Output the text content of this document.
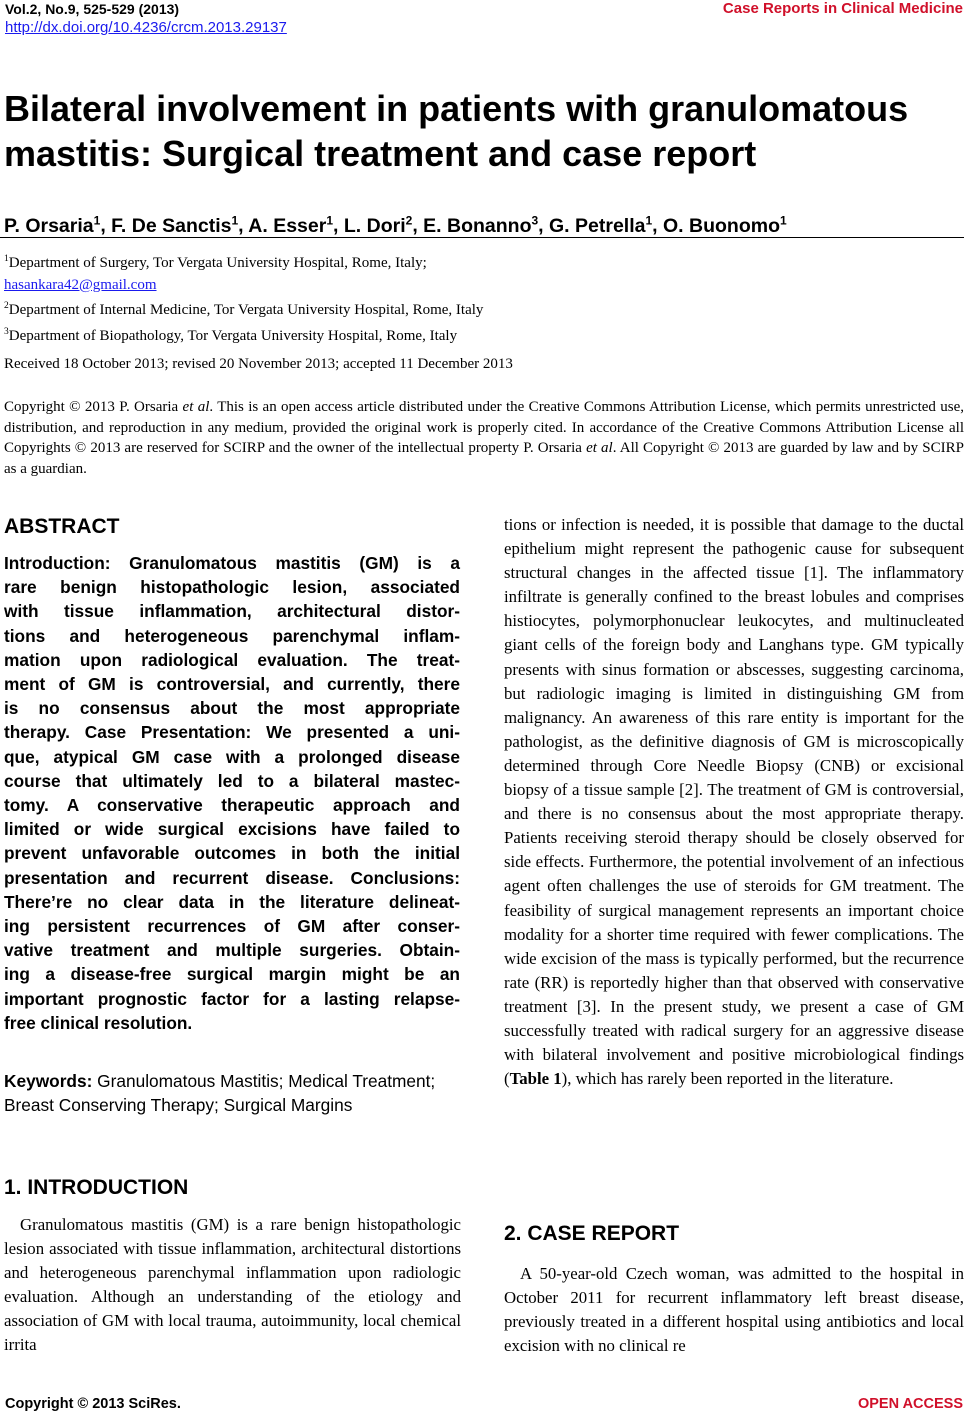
Vol.2, No.9, 525-529 (2013)
http://dx.doi.org/10.4236/crcm.2013.29137
Case Reports in Clinical Medicine
Bilateral involvement in patients with granulomatous mastitis: Surgical treatment and case report
P. Orsaria$^1$, F. De Sanctis$^1$, A. Esser$^1$, L. Dori$^2$, E. Bonanno$^3$, G. Petrella$^1$, O. Buonomo$^1$
$^1$Department of Surgery, Tor Vergata University Hospital, Rome, Italy;
hasankara42@gmail.com
$^2$Department of Internal Medicine, Tor Vergata University Hospital, Rome, Italy
$^3$Department of Biopathology, Tor Vergata University Hospital, Rome, Italy
Received 18 October 2013; revised 20 November 2013; accepted 11 December 2013
Copyright © 2013 P. Orsaria et al. This is an open access article distributed under the Creative Commons Attribution License, which permits unrestricted use, distribution, and reproduction in any medium, provided the original work is properly cited. In accordance of the Creative Commons Attribution License all Copyrights © 2013 are reserved for SCIRP and the owner of the intellectual property P. Orsaria et al. All Copyright © 2013 are guarded by law and by SCIRP as a guardian.
ABSTRACT
Introduction: Granulomatous mastitis (GM) is a
rare benign histopathologic lesion, associated
with tissue inflammation, architectural distor-
tions and heterogeneous parenchymal inflam-
mation upon radiological evaluation. The treat-
ment of GM is controversial, and currently, there
is no consensus about the most appropriate
therapy. Case Presentation: We presented a uni-
que, atypical GM case with a prolonged disease
course that ultimately led to a bilateral mastec-
tomy. A conservative therapeutic approach and
limited or wide surgical excisions have failed to
prevent unfavorable outcomes in both the initial
presentation and recurrent disease. Conclusions:
There’re no clear data in the literature delineat-
ing persistent recurrences of GM after conser-
vative treatment and multiple surgeries. Obtain-
ing a disease-free surgical margin might be an
important prognostic factor for a lasting relapse-
free clinical resolution.
Keywords: Granulomatous Mastitis; Medical Treatment; Breast Conserving Therapy; Surgical Margins
1. INTRODUCTION
Granulomatous mastitis (GM) is a rare benign histopathologic lesion associated with tissue inflammation, architectural distortions and heterogeneous parenchymal inflammation upon radiologic evaluation. Although an understanding of the etiology and association of GM with local trauma, autoimmunity, local chemical irrita
tions or infection is needed, it is possible that damage to the ductal epithelium might represent the pathogenic cause for subsequent structural changes in the affected tissue [1]. The inflammatory infiltrate is generally confined to the breast lobules and comprises histiocytes, polymorphonuclear leukocytes, and multinucleated giant cells of the foreign body and Langhans type. GM typically presents with sinus formation or abscesses, suggesting carcinoma, but radiologic imaging is limited in distinguishing GM from malignancy. An awareness of this rare entity is important for the pathologist, as the definitive diagnosis of GM is microscopically determined through Core Needle Biopsy (CNB) or excisional biopsy of a tissue sample [2]. The treatment of GM is controversial, and there is no consensus about the most appropriate therapy. Patients receiving steroid therapy should be closely observed for side effects. Furthermore, the potential involvement of an infectious agent often challenges the use of steroids for GM treatment. The feasibility of surgical management represents an important choice modality for a shorter time required with fewer complications. The wide excision of the mass is typically performed, but the recurrence rate (RR) is reportedly higher than that observed with conservative treatment [3]. In the present study, we present a case of GM successfully treated with radical surgery for an aggressive disease with bilateral involvement and positive microbiological findings (Table 1), which has rarely been reported in the literature.
2. CASE REPORT
A 50-year-old Czech woman, was admitted to the hospital in October 2011 for recurrent inflammatory left breast disease, previously treated in a different hospital using antibiotics and local excision with no clinical re
Copyright © 2013 SciRes.	OPEN ACCESS
